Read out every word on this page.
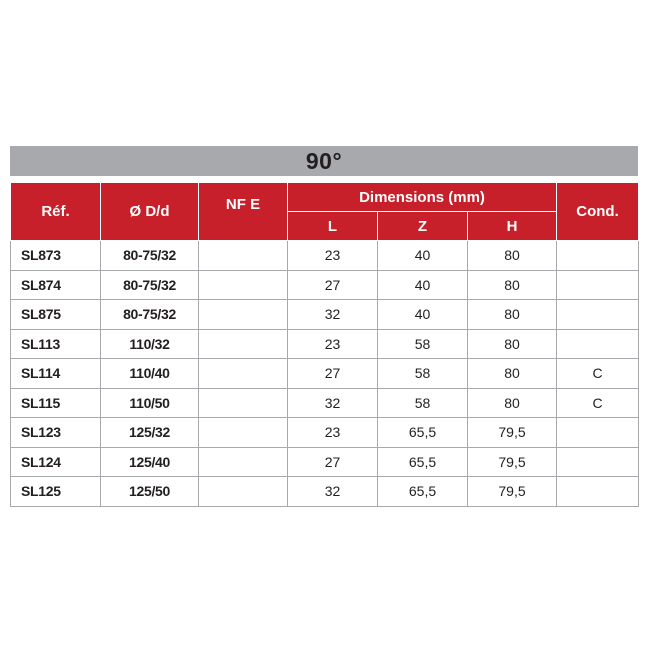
90°
Réf.	Ø D/d	NF E	Dimensions (mm)			Cond.
			L	Z	H	
SL873	80-75/32		23	40	80	
SL874	80-75/32		27	40	80	
SL875	80-75/32		32	40	80	
SL113	110/32		23	58	80	
SL114	110/40		27	58	80	C
SL115	110/50		32	58	80	C
SL123	125/32		23	65,5	79,5	
SL124	125/40		27	65,5	79,5	
SL125	125/50		32	65,5	79,5	
